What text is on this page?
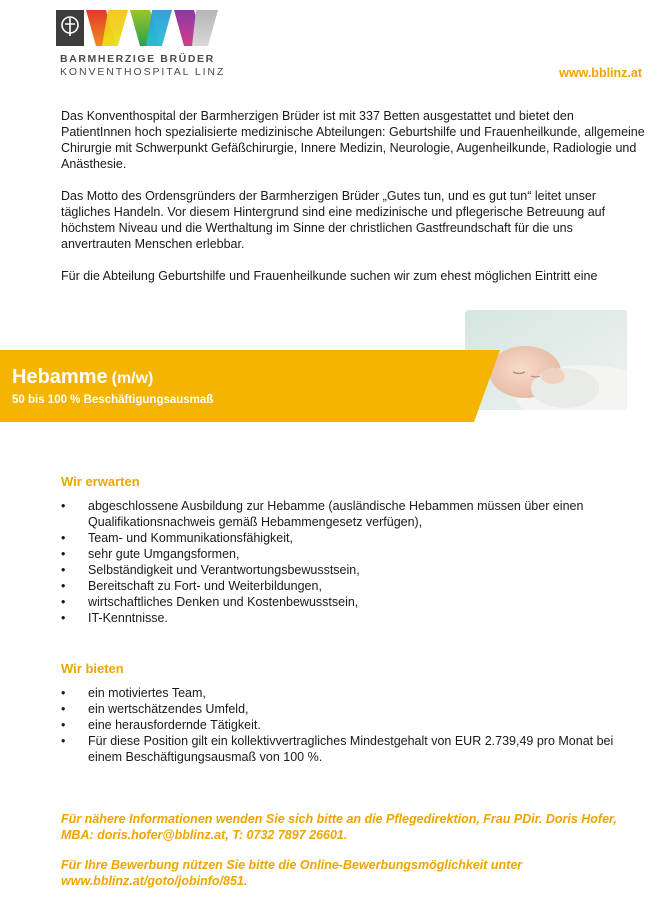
BARMHERZIGE BRÜDER
KONVENTHOSPITAL LINZ	www.bblinz.at

Das Konventhospital der Barmherzigen Brüder ist mit 337 Betten ausgestattet und bietet den PatientInnen hoch spezialisierte medizinische Abteilungen: Geburtshilfe und Frauenheilkunde, allgemeine Chirurgie mit Schwerpunkt Gefäßchirurgie, Innere Medizin, Neurologie, Augenheilkunde, Radiologie und Anästhesie.

Das Motto des Ordensgründers der Barmherzigen Brüder „Gutes tun, und es gut tun“ leitet unser tägliches Handeln. Vor diesem Hintergrund sind eine medizinische und pflegerische Betreuung auf höchstem Niveau und die Werthaltung im Sinne der christlichen Gastfreundschaft für die uns anvertrauten Menschen erlebbar.

Für die Abteilung Geburtshilfe und Frauenheilkunde suchen wir zum ehest möglichen Eintritt eine

Hebamme (m/w)
50 bis 100 % Beschäftigungsausmaß
Wir erwarten
• abgeschlossene Ausbildung zur Hebamme (ausländische Hebammen müssen über einen Qualifikationsnachweis gemäß Hebammengesetz verfügen),
• Team- und Kommunikationsfähigkeit,
• sehr gute Umgangsformen,
• Selbständigkeit und Verantwortungsbewusstsein,
• Bereitschaft zu Fort- und Weiterbildungen,
• wirtschaftliches Denken und Kostenbewusstsein,
• IT-Kenntnisse.
Wir bieten
• ein motiviertes Team,
• ein wertschätzendes Umfeld,
• eine herausfordernde Tätigkeit.
• Für diese Position gilt ein kollektivvertragliches Mindestgehalt von EUR 2.739,49 pro Monat bei einem Beschäftigungsausmaß von 100 %.
Für nähere Informationen wenden Sie sich bitte an die Pflegedirektion, Frau PDir. Doris Hofer, MBA: doris.hofer@bblinz.at, T: 0732 7897 26601.
Für Ihre Bewerbung nützen Sie bitte die Online-Bewerbungsmöglichkeit unter www.bblinz.at/goto/jobinfo/851.
